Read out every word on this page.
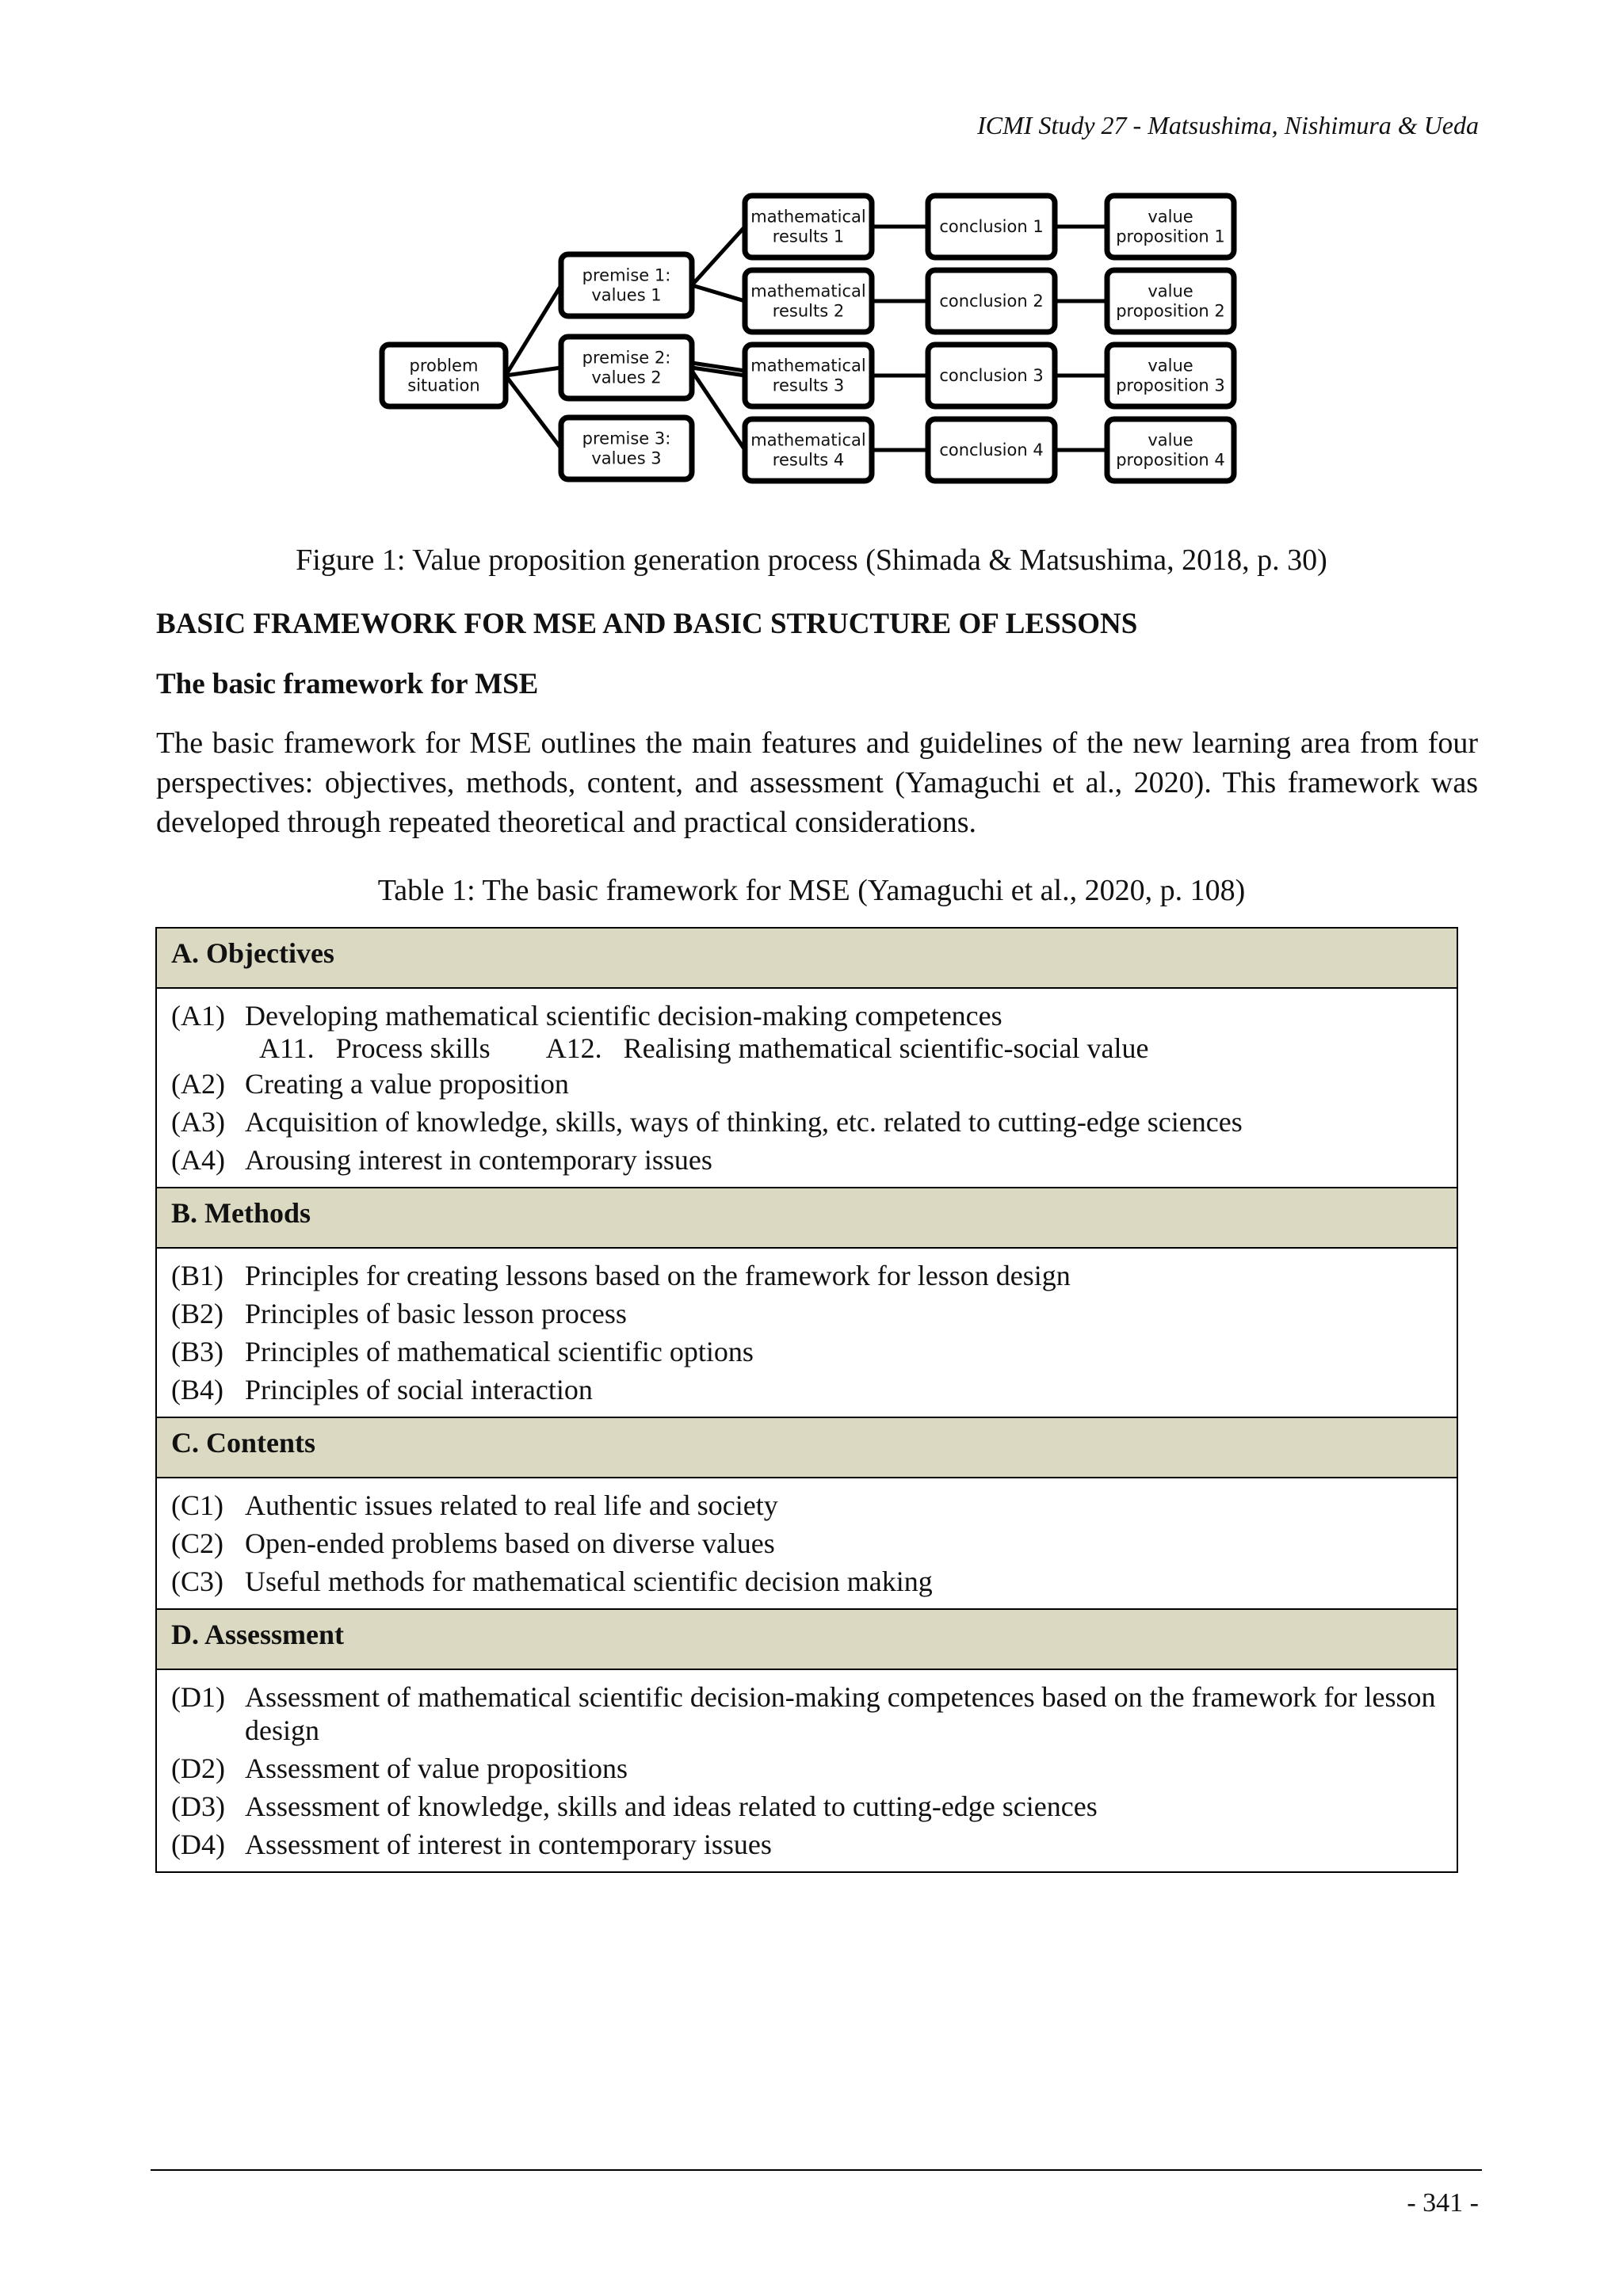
ICMI Study 27 - Matsushima, Nishimura & Ueda
problem
situation
premise 1:
values 1
premise 2:
values 2
premise 3:
values 3
mathematical
results 1
conclusion 1
value
proposition 1
mathematical
results 2
conclusion 2
value
proposition 2
mathematical
results 3
conclusion 3
value
proposition 3
mathematical
results 4
conclusion 4
value
proposition 4
Figure 1: Value proposition generation process (Shimada & Matsushima, 2018, p. 30)
BASIC FRAMEWORK FOR MSE AND BASIC STRUCTURE OF LESSONS
The basic framework for MSE

The basic framework for MSE outlines the main features and guidelines of the new learning area from four perspectives: objectives, methods, content, and assessment (Yamaguchi et al., 2020). This framework was developed through repeated theoretical and practical considerations.

Table 1: The basic framework for MSE (Yamaguchi et al., 2020, p. 108)
A. Objectives
(A1) Developing mathematical scientific decision-making competences
A11.   Process skills A12.   Realising mathematical scientific-social value
(A2) Creating a value proposition
(A3) Acquisition of knowledge, skills, ways of thinking, etc. related to cutting-edge sciences
(A4) Arousing interest in contemporary issues
B. Methods
(B1) Principles for creating lessons based on the framework for lesson design
(B2) Principles of basic lesson process
(B3) Principles of mathematical scientific options
(B4) Principles of social interaction
C. Contents
(C1) Authentic issues related to real life and society
(C2) Open-ended problems based on diverse values
(C3) Useful methods for mathematical scientific decision making
D. Assessment
(D1) Assessment of mathematical scientific decision-making competences based on the framework for lesson design
(D2) Assessment of value propositions
(D3) Assessment of knowledge, skills and ideas related to cutting-edge sciences
(D4) Assessment of interest in contemporary issues
- 341 -
